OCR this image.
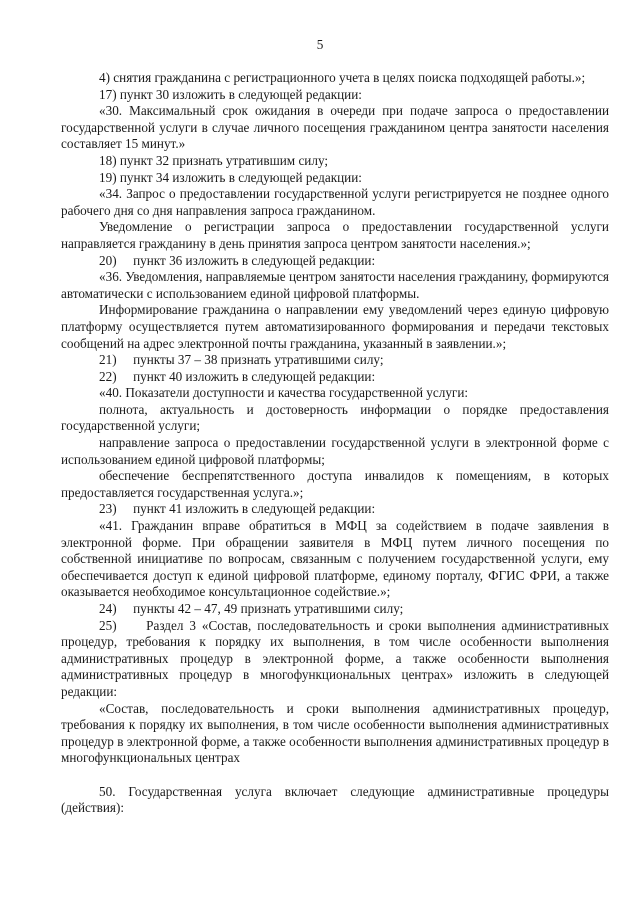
5

4) снятия гражданина с регистрационного учета в целях поиска подходящей работы.»;

17) пункт 30 изложить в следующей редакции:

«30. Максимальный срок ожидания в очереди при подаче запроса о предоставлении государственной услуги в случае личного посещения гражданином центра занятости населения составляет 15 минут.»

18) пункт 32 признать утратившим силу;

19) пункт 34 изложить в следующей редакции:

«34. Запрос о предоставлении государственной услуги регистрируется не позднее одного рабочего дня со дня направления запроса гражданином.

Уведомление о регистрации запроса о предоставлении государственной услуги направляется гражданину в день принятия запроса центром занятости населения.»;

20)     пункт 36 изложить в следующей редакции:

«36. Уведомления, направляемые центром занятости населения гражданину, формируются автоматически с использованием единой цифровой платформы.

Информирование гражданина о направлении ему уведомлений через единую цифровую платформу осуществляется путем автоматизированного формирования и передачи текстовых сообщений на адрес электронной почты гражданина, указанный в заявлении.»;

21)     пункты 37 – 38 признать утратившими силу;

22)     пункт 40 изложить в следующей редакции:

«40. Показатели доступности и качества государственной услуги:

полнота, актуальность и достоверность информации о порядке предоставления государственной услуги;

направление запроса о предоставлении государственной услуги в электронной форме с использованием единой цифровой платформы;

обеспечение беспрепятственного доступа инвалидов к помещениям, в которых предоставляется государственная услуга.»;

23)     пункт 41 изложить в следующей редакции:

«41. Гражданин вправе обратиться в МФЦ за содействием в подаче заявления в электронной форме. При обращении заявителя в МФЦ путем личного посещения по собственной инициативе по вопросам, связанным с получением государственной услуги, ему обеспечивается доступ к единой цифровой платформе, единому порталу, ФГИС ФРИ, а также оказывается необходимое консультационное содействие.»;

24)     пункты 42 – 47, 49 признать утратившими силу;

25)     Раздел 3 «Состав, последовательность и сроки выполнения административных процедур, требования к порядку их выполнения, в том числе особенности выполнения административных процедур в электронной форме, а также особенности выполнения административных процедур в многофункциональных центрах» изложить в следующей редакции:

«Состав, последовательность и сроки выполнения административных процедур, требования к порядку их выполнения, в том числе особенности выполнения административных процедур в электронной форме, а также особенности выполнения административных процедур в многофункциональных центрах

50. Государственная услуга включает следующие административные процедуры (действия):
